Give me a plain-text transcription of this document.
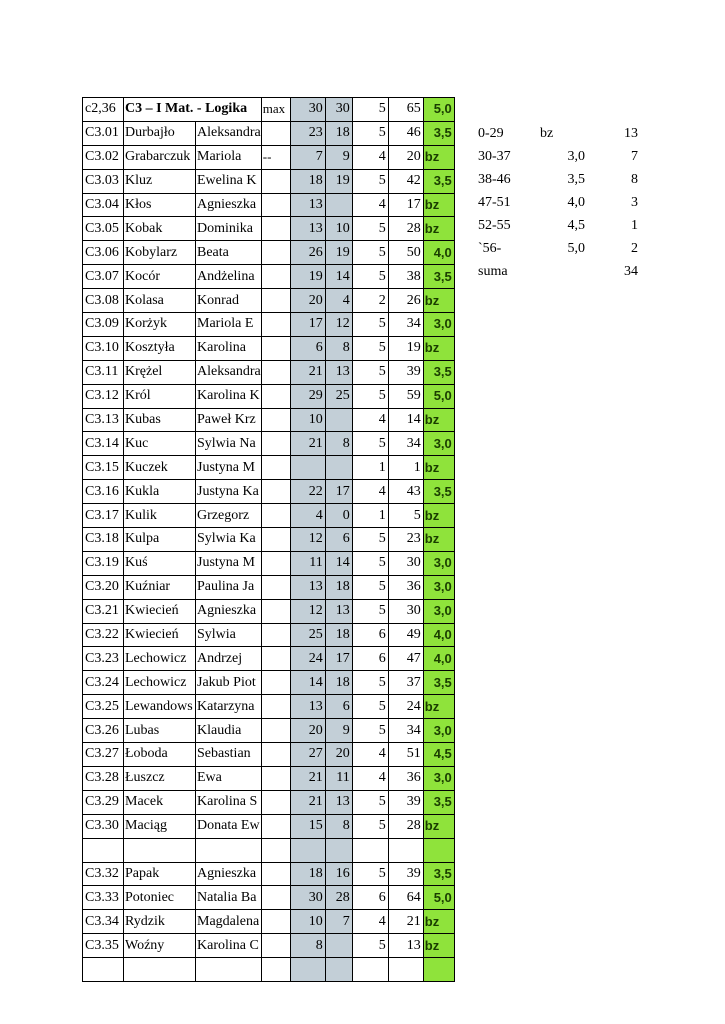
c2,36	C3 – I Mat. - Logika		max	30	30	5	65	5,0
C3.01	Durbajło	Aleksandra		23	18	5	46	3,5
C3.02	Grabarczuk	Mariola	--	7	9	4	20	bz
C3.03	Kluz	Ewelina K		18	19	5	42	3,5
C3.04	Kłos	Agnieszka		13		4	17	bz
C3.05	Kobak	Dominika		13	10	5	28	bz
C3.06	Kobylarz	Beata		26	19	5	50	4,0
C3.07	Kocór	Andżelina		19	14	5	38	3,5
C3.08	Kolasa	Konrad		20	4	2	26	bz
C3.09	Korżyk	Mariola E		17	12	5	34	3,0
C3.10	Kosztyła	Karolina		6	8	5	19	bz
C3.11	Krężel	Aleksandra		21	13	5	39	3,5
C3.12	Król	Karolina K		29	25	5	59	5,0
C3.13	Kubas	Paweł Krz		10		4	14	bz
C3.14	Kuc	Sylwia Na		21	8	5	34	3,0
C3.15	Kuczek	Justyna M				1	1	bz
C3.16	Kukla	Justyna Ka		22	17	4	43	3,5
C3.17	Kulik	Grzegorz		4	0	1	5	bz
C3.18	Kulpa	Sylwia Ka		12	6	5	23	bz
C3.19	Kuś	Justyna M		11	14	5	30	3,0
C3.20	Kuźniar	Paulina Ja		13	18	5	36	3,0
C3.21	Kwiecień	Agnieszka		12	13	5	30	3,0
C3.22	Kwiecień	Sylwia		25	18	6	49	4,0
C3.23	Lechowicz	Andrzej		24	17	6	47	4,0
C3.24	Lechowicz	Jakub Piot		14	18	5	37	3,5
C3.25	Lewandows	Katarzyna		13	6	5	24	bz
C3.26	Lubas	Klaudia		20	9	5	34	3,0
C3.27	Łoboda	Sebastian		27	20	4	51	4,5
C3.28	Łuszcz	Ewa		21	11	4	36	3,0
C3.29	Macek	Karolina S		21	13	5	39	3,5
C3.30	Maciąg	Donata Ew		15	8	5	28	bz

C3.32	Papak	Agnieszka		18	16	5	39	3,5
C3.33	Potoniec	Natalia Ba		30	28	6	64	5,0
C3.34	Rydzik	Magdalena		10	7	4	21	bz
C3.35	Woźny	Karolina C		8		5	13	bz

0-29	bz	13
30-37	3,0	7
38-46	3,5	8
47-51	4,0	3
52-55	4,5	1
`56-	5,0	2
suma		34
